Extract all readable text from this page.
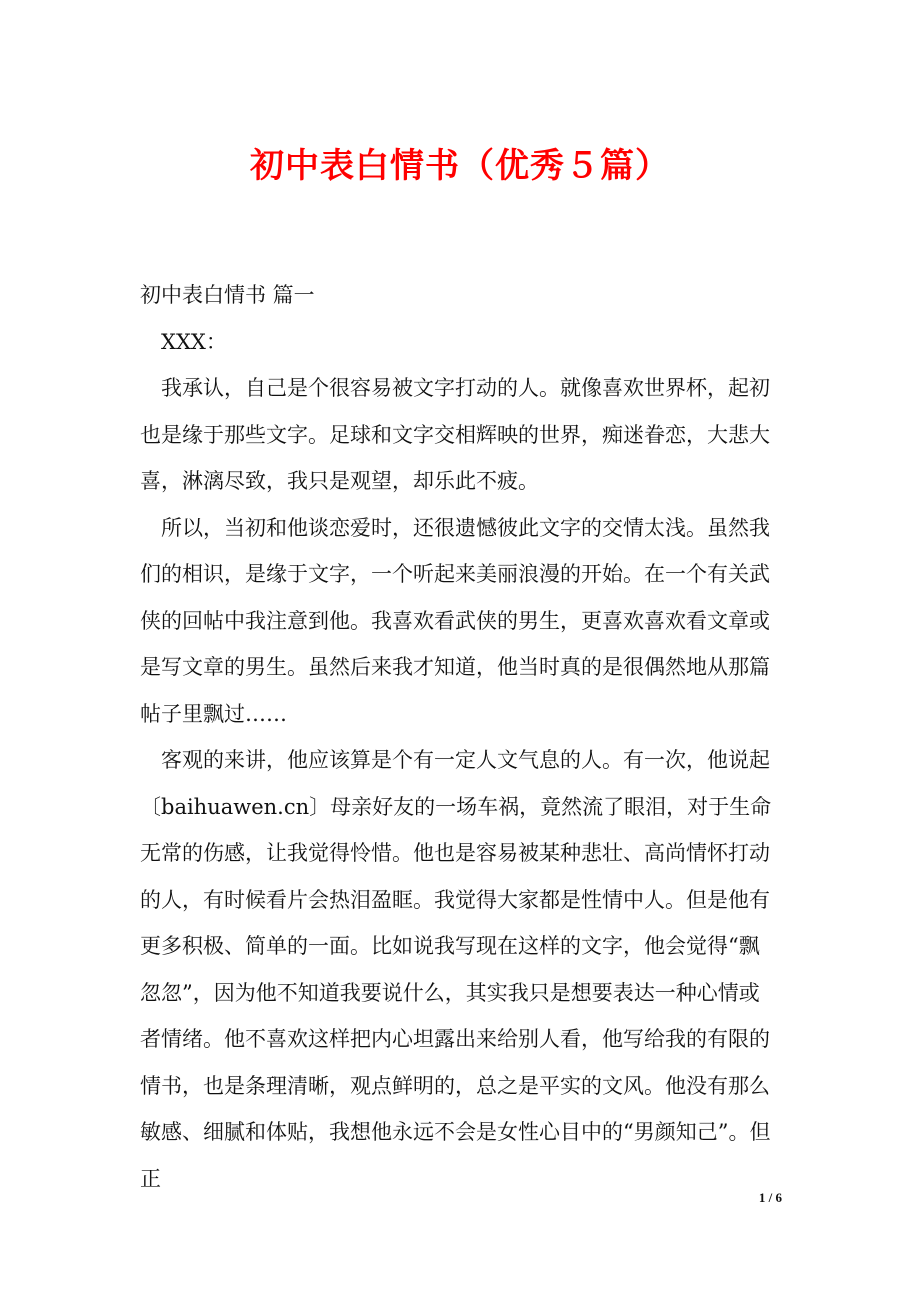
初中表白情书（优秀５篇）

初中表白情书 篇一

XXX：

我承认，自己是个很容易被文字打动的人。就像喜欢世界杯，起初也是缘于那些文字。足球和文字交相辉映的世界，痴迷眷恋，大悲大喜，淋漓尽致，我只是观望，却乐此不疲。

所以，当初和他谈恋爱时，还很遗憾彼此文字的交情太浅。虽然我们的相识，是缘于文字，一个听起来美丽浪漫的开始。在一个有关武侠的回帖中我注意到他。我喜欢看武侠的男生，更喜欢喜欢看文章或是写文章的男生。虽然后来我才知道，他当时真的是很偶然地从那篇帖子里飘过……

客观的来讲，他应该算是个有一定人文气息的人。有一次，他说起〔baihuawen.cn〕母亲好友的一场车祸，竟然流了眼泪，对于生命无常的伤感，让我觉得怜惜。他也是容易被某种悲壮、高尚情怀打动的人，有时候看片会热泪盈眶。我觉得大家都是性情中人。但是他有更多积极、简单的一面。比如说我写现在这样的文字，他会觉得“飘忽忽”，因为他不知道我要说什么，其实我只是想要表达一种心情或者情绪。他不喜欢这样把内心坦露出来给别人看，他写给我的有限的情书，也是条理清晰，观点鲜明的，总之是平实的文风。他没有那么敏感、细腻和体贴，我想他永远不会是女性心目中的“男颜知己”。但正

1 / 6
